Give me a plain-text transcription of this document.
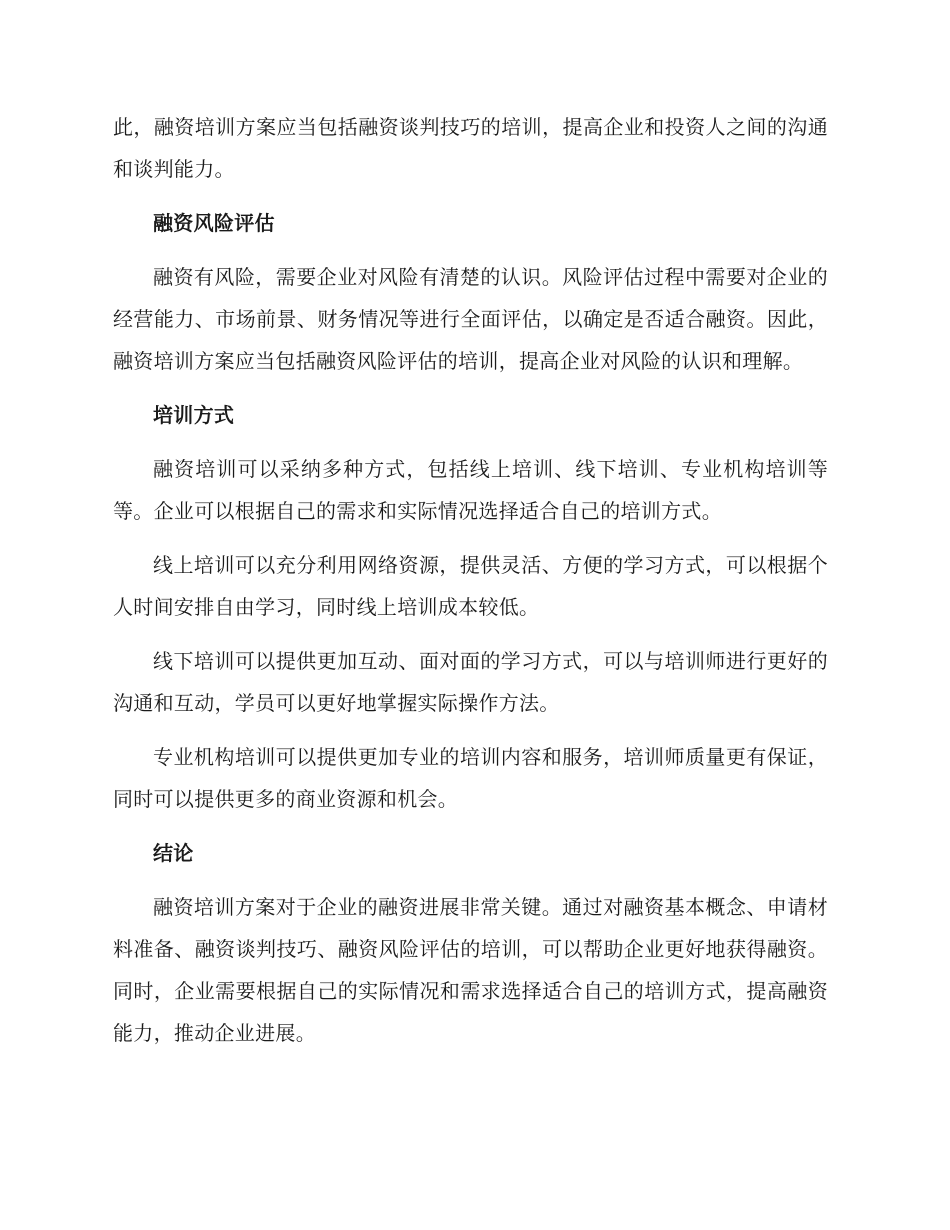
此，融资培训方案应当包括融资谈判技巧的培训，提高企业和投资人之间的沟通和谈判能力。

融资风险评估

融资有风险，需要企业对风险有清楚的认识。风险评估过程中需要对企业的经营能力、市场前景、财务情况等进行全面评估，以确定是否适合融资。因此，融资培训方案应当包括融资风险评估的培训，提高企业对风险的认识和理解。

培训方式

融资培训可以采纳多种方式，包括线上培训、线下培训、专业机构培训等等。企业可以根据自己的需求和实际情况选择适合自己的培训方式。

线上培训可以充分利用网络资源，提供灵活、方便的学习方式，可以根据个人时间安排自由学习，同时线上培训成本较低。

线下培训可以提供更加互动、面对面的学习方式，可以与培训师进行更好的沟通和互动，学员可以更好地掌握实际操作方法。

专业机构培训可以提供更加专业的培训内容和服务，培训师质量更有保证，同时可以提供更多的商业资源和机会。

结论

融资培训方案对于企业的融资进展非常关键。通过对融资基本概念、申请材料准备、融资谈判技巧、融资风险评估的培训，可以帮助企业更好地获得融资。同时，企业需要根据自己的实际情况和需求选择适合自己的培训方式，提高融资能力，推动企业进展。
